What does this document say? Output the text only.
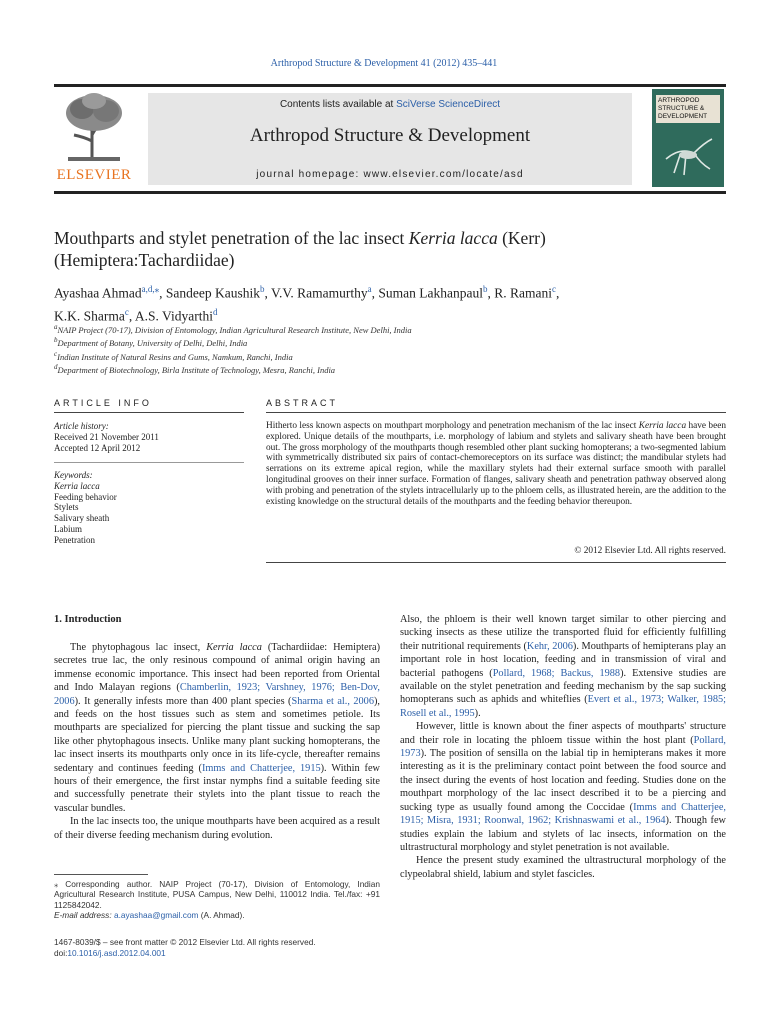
Arthropod Structure & Development 41 (2012) 435–441
ELSEVIER
Contents lists available at SciVerse ScienceDirect
Arthropod Structure & Development
journal homepage: www.elsevier.com/locate/asd
ARTHROPOD
STRUCTURE &
DEVELOPMENT
Mouthparts and stylet penetration of the lac insect Kerria lacca (Kerr) (Hemiptera:Tachardiidae)
Ayashaa Ahmad$^{a,d,⁎}$, Sandeep Kaushik$^b$, V.V. Ramamurthy$^a$, Suman Lakhanpaul$^b$, R. Ramani$^c$,
K.K. Sharma$^c$, A.S. Vidyarthi$^d$
$^a$NAIP Project (70-17), Division of Entomology, Indian Agricultural Research Institute, New Delhi, India
$^b$Department of Botany, University of Delhi, Delhi, India
$^c$Indian Institute of Natural Resins and Gums, Namkum, Ranchi, India
$^d$Department of Biotechnology, Birla Institute of Technology, Mesra, Ranchi, India
ARTICLE INFO	ABSTRACT
Article history:
Received 21 November 2011
Accepted 12 April 2012
Keywords:
Kerria lacca
Feeding behavior
Stylets
Salivary sheath
Labium
Penetration
Hitherto less known aspects on mouthpart morphology and penetration mechanism of the lac insect Kerria lacca have been explored. Unique details of the mouthparts, i.e. morphology of labium and stylets and salivary sheath have been brought out. The gross morphology of the mouthparts though resembled other plant sucking homopterans; a two-segmented labium with symmetrically distributed six pairs of contact-chemoreceptors on its surface was distinct; the mandibular stylets had serrations on its extreme apical region, while the maxillary stylets had their external surface smooth with parallel longitudinal grooves on their inner surface. Formation of flanges, salivary sheath and penetration pathway observed along with probing and penetration of the stylets intracellularly up to the phloem cells, as illustrated herein, are the addition to the existing knowledge on the structural details of the mouthparts and the feeding behavior thereupon.
© 2012 Elsevier Ltd. All rights reserved.
1. Introduction

The phytophagous lac insect, Kerria lacca (Tachardiidae: Hemiptera) secretes true lac, the only resinous compound of animal origin having an immense economic importance. This insect had been reported from Oriental and Indo Malayan regions (Chamberlin, 1923; Varshney, 1976; Ben-Dov, 2006). It generally infests more than 400 plant species (Sharma et al., 2006), and feeds on the host tissues such as stem and sometimes petiole. Its mouthparts are specialized for piercing the plant tissue and sucking the sap like other phytophagous insects. Unlike many plant sucking homopterans, the lac insect inserts its mouthparts only once in its life-cycle, thereafter remains sedentary and continues feeding (Imms and Chatterjee, 1915). Within few hours of their emergence, the first instar nymphs find a suitable feeding site and successfully penetrate their stylets into the plant tissue to reach the vascular bundles.

In the lac insects too, the unique mouthparts have been acquired as a result of their diverse feeding mechanism during evolution.

Also, the phloem is their well known target similar to other piercing and sucking insects as these utilize the transported fluid for efficiently fulfilling their nutritional requirements (Kehr, 2006). Mouthparts of hemipterans play an important role in host location, feeding and in transmission of viral and bacterial pathogens (Pollard, 1968; Backus, 1988). Extensive studies are available on the stylet penetration and feeding mechanism by the sap sucking homopterans such as aphids and whiteflies (Evert et al., 1973; Walker, 1985; Rosell et al., 1995).

However, little is known about the finer aspects of mouthparts' structure and their role in locating the phloem tissue within the host plant (Pollard, 1973). The position of sensilla on the labial tip in hemipterans makes it more interesting as it is the preliminary contact point between the food source and the insect during the events of host location and feeding. Studies done on the mouthpart morphology of the lac insect described it to be a piercing and sucking type as usually found among the Coccidae (Imms and Chatterjee, 1915; Misra, 1931; Roonwal, 1962; Krishnaswami et al., 1964). Though few studies explain the labium and stylets of lac insects, information on the ultrastructural morphology and stylet penetration is not available.

Hence the present study examined the ultrastructural morphology of the clypeolabral shield, labium and stylet fascicles.

⁎ Corresponding author. NAIP Project (70-17), Division of Entomology, Indian Agricultural Research Institute, PUSA Campus, New Delhi, 110012 India. Tel./fax: +91 1125842042.
E-mail address: a.ayashaa@gmail.com (A. Ahmad).
1467-8039/$ – see front matter © 2012 Elsevier Ltd. All rights reserved.
doi:10.1016/j.asd.2012.04.001
